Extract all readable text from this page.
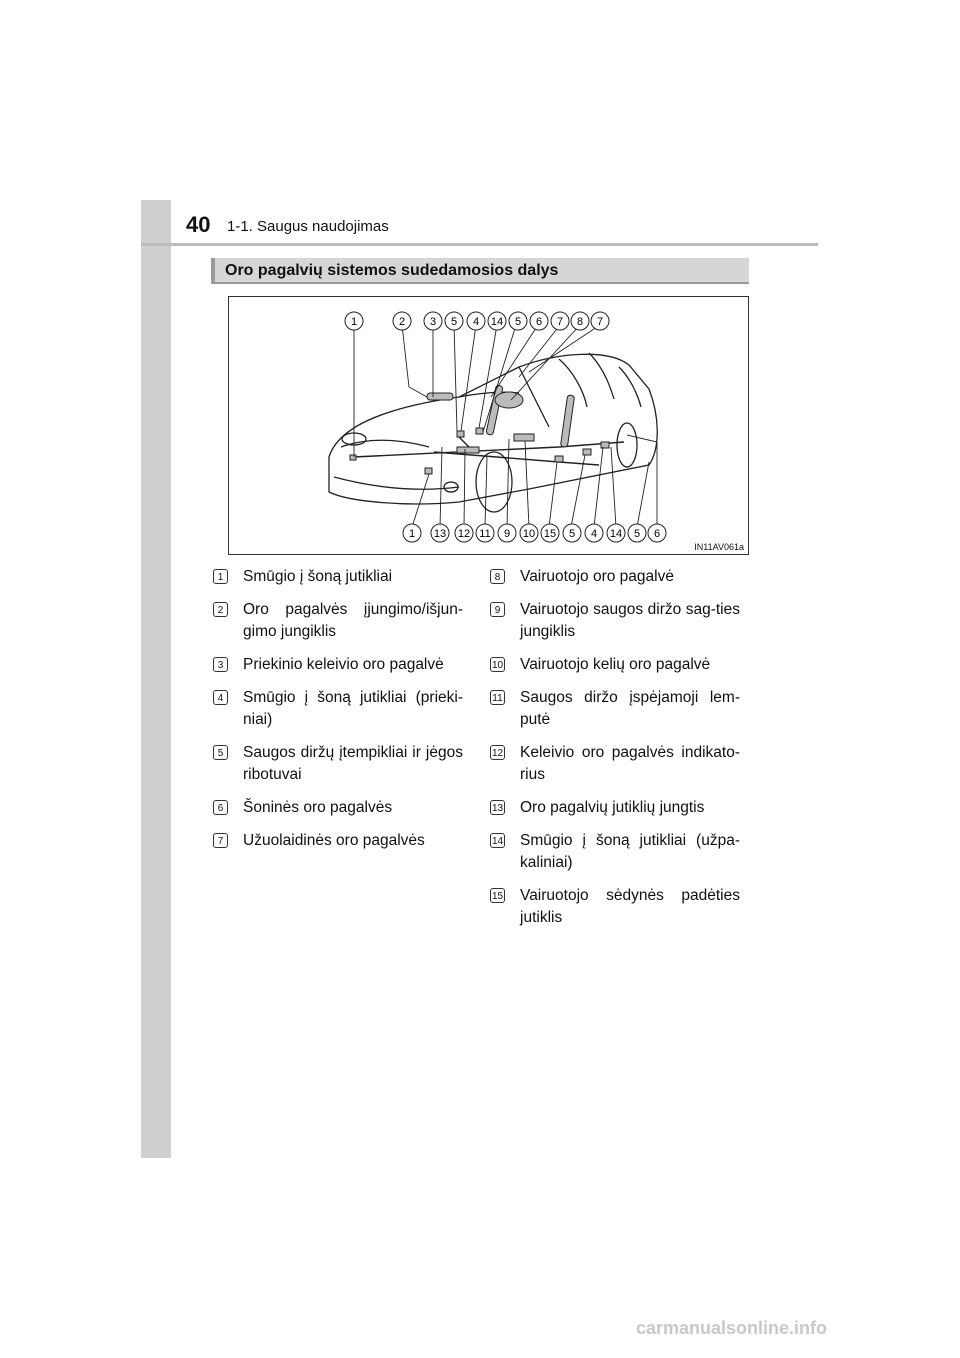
40 1-1. Saugus naudojimas
Oro pagalvių sistemos sudedamosios dalys
1	2 3 5 4 14 5 6 7 8 7
1 13 12 11 9 10 15 5 4 14 5 6
IN11AV061a
1	Smūgio į šoną jutikliai
2	Oro pagalvės įjungimo/išjun-gimo jungiklis
3	Priekinio keleivio oro pagalvė
4	Smūgio į šoną jutikliai (prieki-niai)
5	Saugos diržų įtempikliai ir jėgos ribotuvai
6	Šoninės oro pagalvės
7	Užuolaidinės oro pagalvės
8	Vairuotojo oro pagalvė
9	Vairuotojo saugos diržo sag-ties jungiklis
10 Vairuotojo kelių oro pagalvė
11 Saugos diržo įspėjamoji lem-putė
12 Keleivio oro pagalvės indikato-rius
13 Oro pagalvių jutiklių jungtis
14 Smūgio į šoną jutikliai (užpa-kaliniai)
15 Vairuotojo sėdynės padėties jutiklis
carmanualsonline.info
